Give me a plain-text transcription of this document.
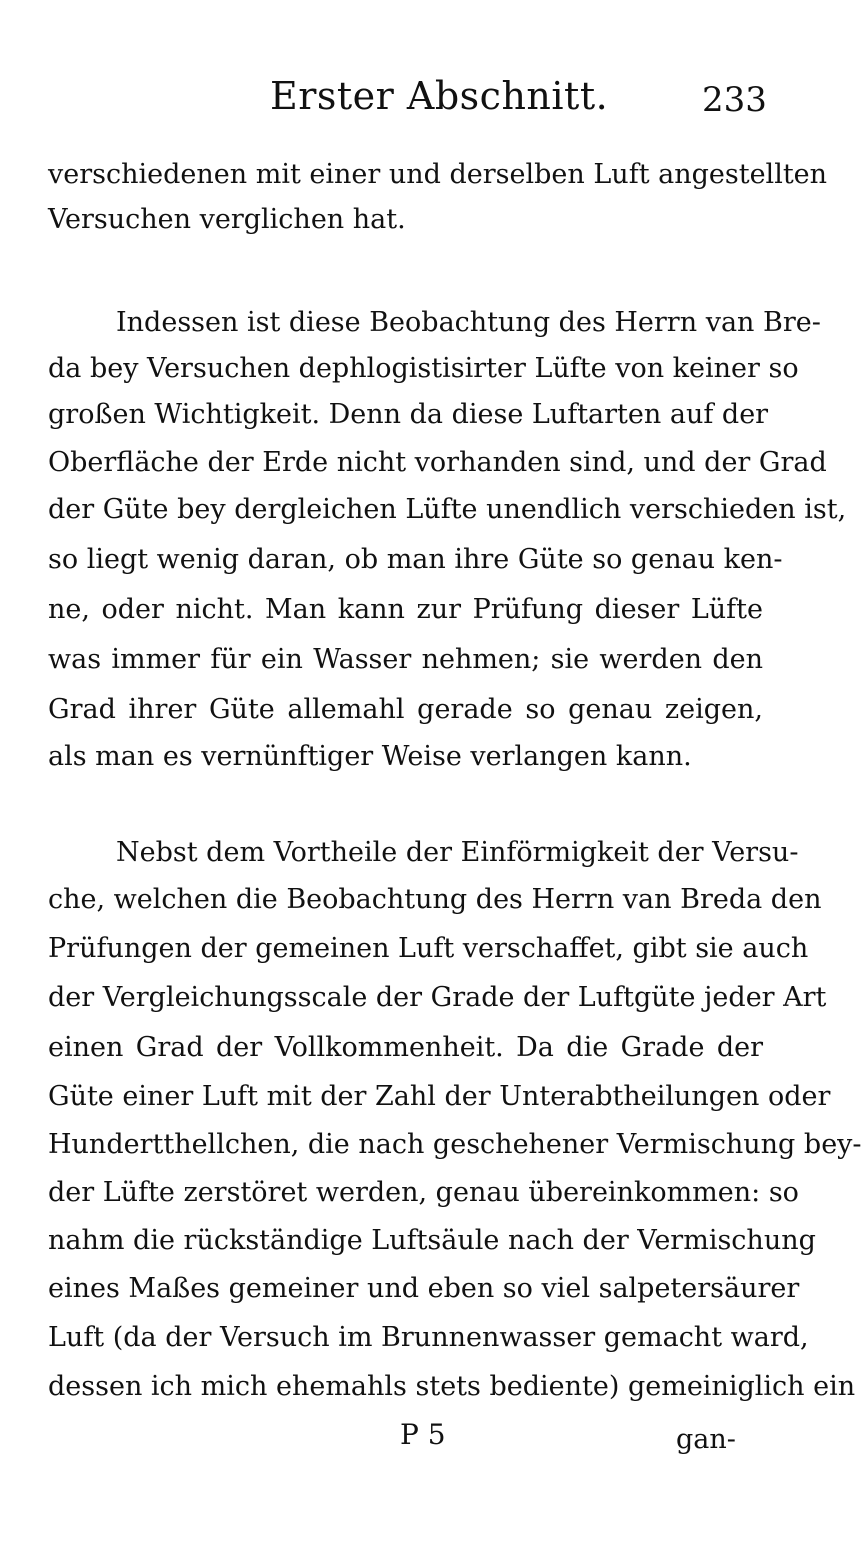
Erster Abschnitt.	233
verschiedenen mit einer und derselben Luft angestellten
Versuchen verglichen hat.
Indessen ist diese Beobachtung des Herrn van Bre-
da bey Versuchen dephlogistisirter Lüfte von keiner so
großen Wichtigkeit. Denn da diese Luftarten auf der
Oberfläche der Erde nicht vorhanden sind, und der Grad
der Güte bey dergleichen Lüfte unendlich verschieden ist,
so liegt wenig daran, ob man ihre Güte so genau ken-
ne, oder nicht. Man kann zur Prüfung dieser Lüfte
was immer für ein Wasser nehmen; sie werden den
Grad ihrer Güte allemahl gerade so genau zeigen,
als man es vernünftiger Weise verlangen kann.
Nebst dem Vortheile der Einförmigkeit der Versu-
che, welchen die Beobachtung des Herrn van Breda den
Prüfungen der gemeinen Luft verschaffet, gibt sie auch
der Vergleichungsscale der Grade der Luftgüte jeder Art
einen Grad der Vollkommenheit. Da die Grade der
Güte einer Luft mit der Zahl der Unterabtheilungen oder
Hundertthellchen, die nach geschehener Vermischung bey-
der Lüfte zerstöret werden, genau übereinkommen: so
nahm die rückständige Luftsäule nach der Vermischung
eines Maßes gemeiner und eben so viel salpetersäurer
Luft (da der Versuch im Brunnenwasser gemacht ward,
dessen ich mich ehemahls stets bediente) gemeiniglich ein
P 5	gan-
